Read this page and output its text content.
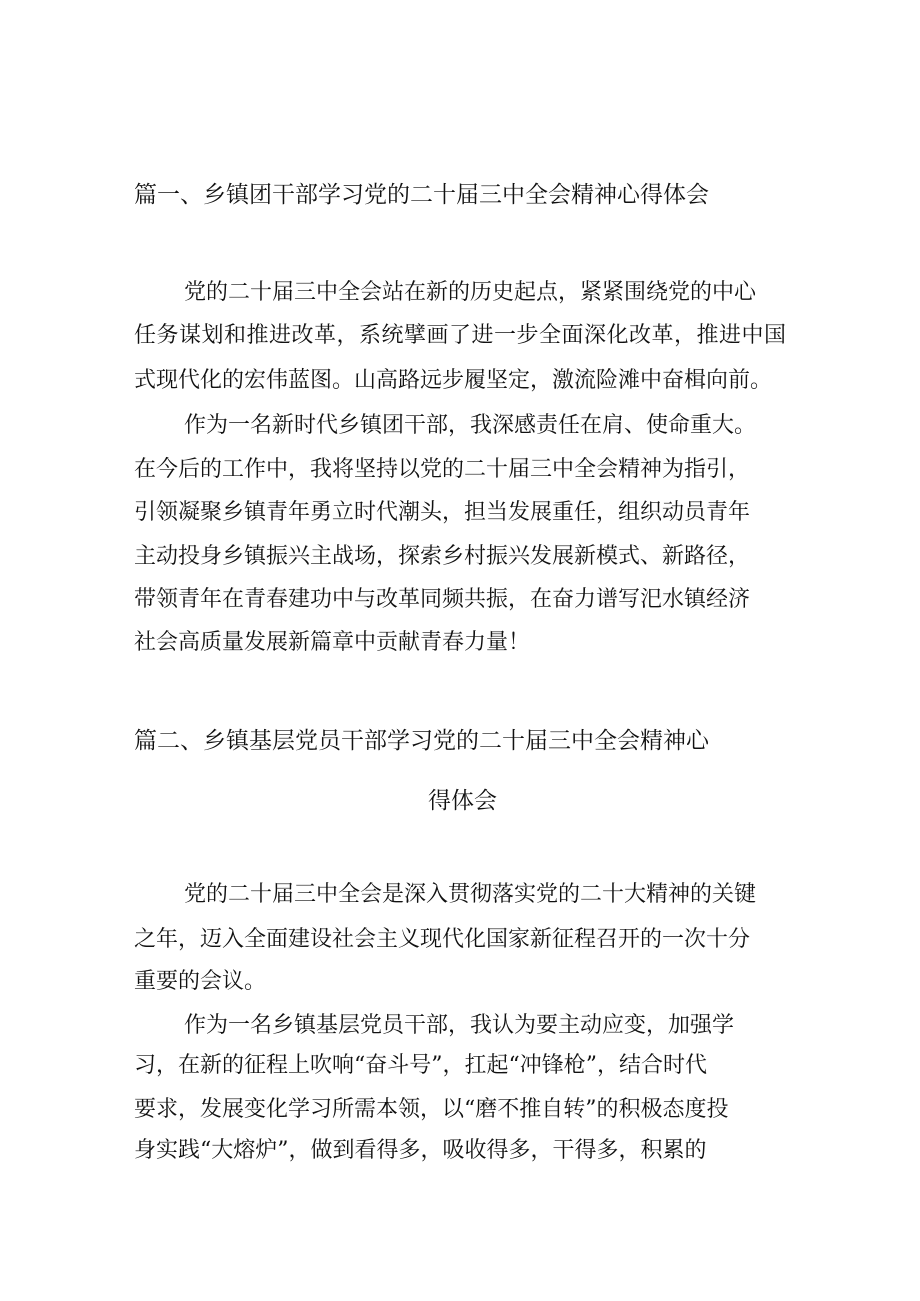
篇一、乡镇团干部学习党的二十届三中全会精神心得体会
党的二十届三中全会站在新的历史起点，紧紧围绕党的中心
任务谋划和推进改革，系统擘画了进一步全面深化改革，推进中国
式现代化的宏伟蓝图。山高路远步履坚定，激流险滩中奋楫向前。
作为一名新时代乡镇团干部，我深感责任在肩、使命重大。
在今后的工作中，我将坚持以党的二十届三中全会精神为指引，
引领凝聚乡镇青年勇立时代潮头，担当发展重任，组织动员青年
主动投身乡镇振兴主战场，探索乡村振兴发展新模式、新路径，
带领青年在青春建功中与改革同频共振，在奋力谱写汜水镇经济
社会高质量发展新篇章中贡献青春力量！
篇二、乡镇基层党员干部学习党的二十届三中全会精神心
得体会
党的二十届三中全会是深入贯彻落实党的二十大精神的关键
之年，迈入全面建设社会主义现代化国家新征程召开的一次十分
重要的会议。
作为一名乡镇基层党员干部，我认为要主动应变，加强学
习，在新的征程上吹响“奋斗号”，扛起“冲锋枪”，结合时代
要求，发展变化学习所需本领，以“磨不推自转”的积极态度投
身实践“大熔炉”，做到看得多，吸收得多，干得多，积累的
